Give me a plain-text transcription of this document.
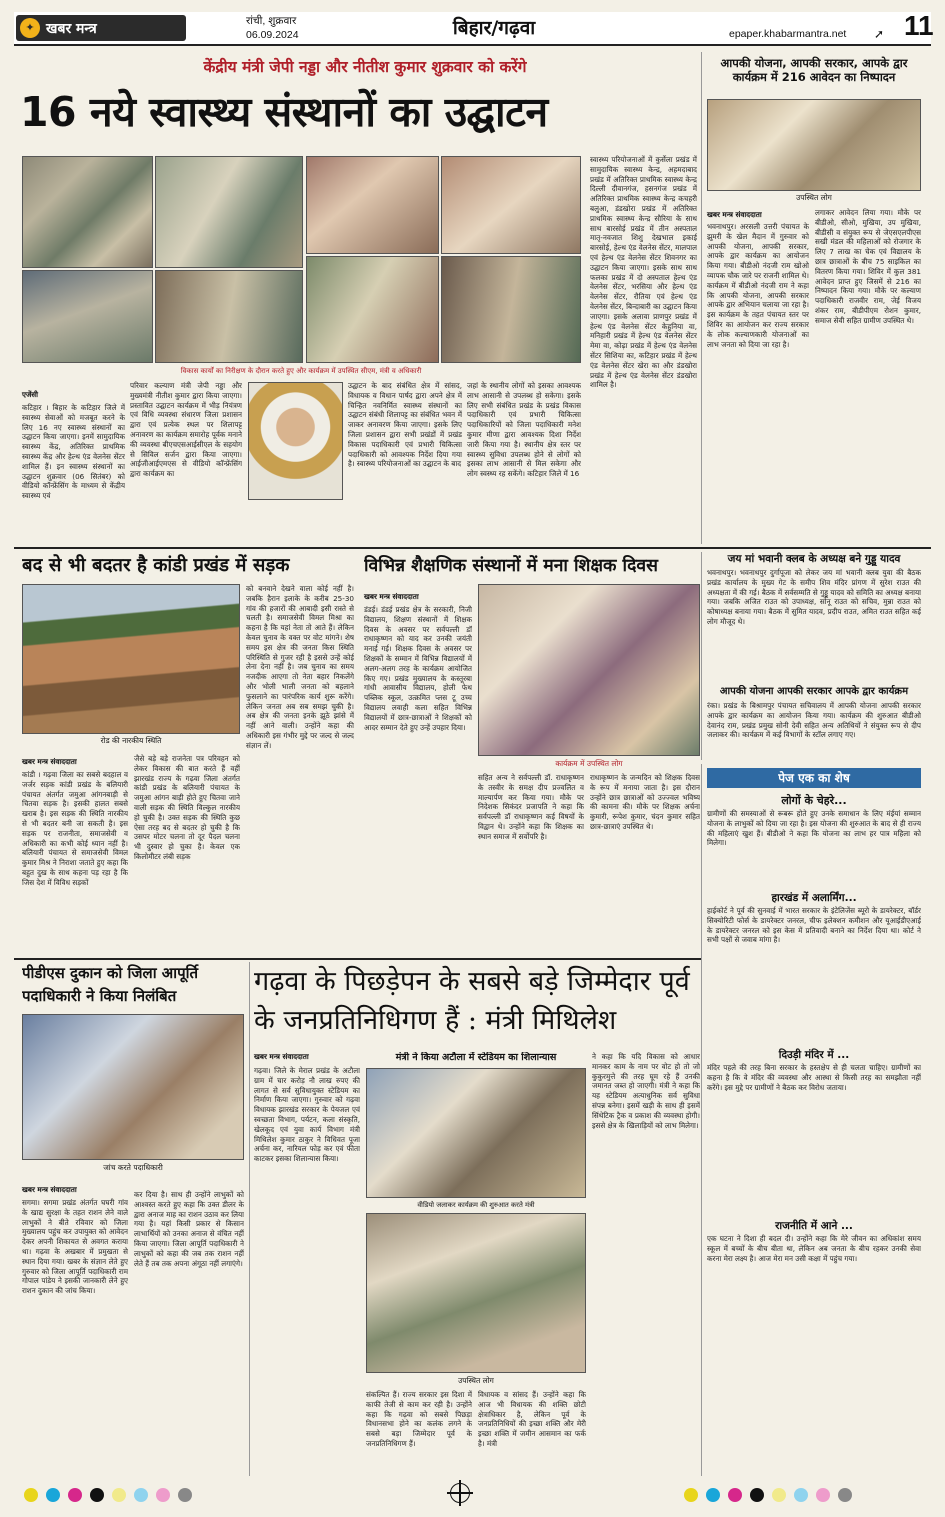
✦ खबर मन्त्र	रांची, शुक्रवार
06.09.2024	बिहार/गढ़वा	epaper.khabarmantra.net ➚ 11
केंद्रीय मंत्री जेपी नड्डा और नीतीश कुमार शुक्रवार को करेंगे
16 नये स्वास्थ्य संस्थानों का उद्घाटन
विकास कार्यों का निरीक्षण के दौरान करते हुए और कार्यक्रम में उपस्थित सीएम, मंत्री व अधिकारी
एजेंसी
कटिहार । बिहार के कटिहार जिले में स्वास्थ्य सेवाओं को मजबूत करने के लिए 16 नए स्वास्थ्य संस्थानों का उद्घाटन किया जाएगा। इनमें सामुदायिक स्वास्थ्य केंद्र, अतिरिक्त प्राथमिक स्वास्थ्य केंद्र और हेल्थ एंड वेलनेस सेंटर शामिल हैं। इन स्वास्थ्य संस्थानों का उद्घाटन शुक्रवार (06 सितंबर) को वीडियो कॉन्फ्रेंसिंग के माध्यम से केंद्रीय स्वास्थ्य एवं
परिवार कल्याण मंत्री जेपी नड्डा और मुख्यमंत्री नीतीश कुमार द्वारा किया जाएगा। प्रस्तावित उद्घाटन कार्यक्रम में भीड़ नियंत्रण एवं विधि व्यवस्था संधारण जिला प्रशासन द्वारा एवं प्रत्येक स्थल पर शिलापट्ट अनावरण का कार्यक्रम समारोह पूर्वक मनाने की व्यवस्था बीएचएसआईसीएल के सहयोग से सिविल सर्जन द्वारा किया जाएगा। आईजीआईएमएस से वीडियो कॉन्फ्रेंसिंग द्वारा कार्यक्रम का
उद्घाटन के बाद संबंधित क्षेत्र में सांसद, विधायक व विधान पार्षद द्वारा अपने क्षेत्र में चिन्हित नवनिर्मित स्वास्थ्य संस्थानों का उद्घाटन संबंधी शिलापट्ट का संबंधित भवन में जाकर अनावरण किया जाएगा। इसके लिए जिला प्रशासन द्वारा सभी प्रखंडों में प्रखंड विकास पदाधिकारी एवं प्रभारी चिकित्सा पदाधिकारी को आवश्यक निर्देश दिया गया है। स्वास्थ्य परियोजनाओं का उद्घाटन के बाद
जहां के स्थानीय लोगों को इसका आवश्यक लाभ आसानी से उपलब्ध हो सकेगा। इसके लिए सभी संबंधित प्रखंड के प्रखंड विकास पदाधिकारी एवं प्रभारी चिकित्सा पदाधिकारियों को जिला पदाधिकारी मनेश कुमार मीणा द्वारा आवश्यक दिशा निर्देश जारी किया गया है। स्थानीय क्षेत्र स्तर पर स्वास्थ्य सुविधा उपलब्ध होने से लोगों को इसका लाभ आसानी से मिल सकेगा और लोग स्वस्थ्य रह सकेंगे। कटिहार जिले में 16
स्वास्थ्य परियोजनाओं में कुर्सेला प्रखंड में सामुदायिक स्वास्थ्य केन्द्र, अहमदाबाद प्रखंड में अतिरिक्त प्राथमिक स्वास्थ्य केन्द्र दिल्ली दीवानगंज, हसनगंज प्रखंड में अतिरिक्त प्राथमिक स्वास्थ्य केन्द्र कचहरी बलुआ, डंडखोरा प्रखंड में अतिरिक्त प्राथमिक स्वास्थ्य केन्द्र सौरिया के साथ साथ बारसोई प्रखंड में तीन अस्पताल मातृ-नवजात शिशु देखभाल इकाई बारसोई, हेल्थ एंड वेलनेस सेंटर, मालपाल एवं हेल्थ एंड वेलनेस सेंटर शिवनगर का उद्घाटन किया जाएगा। इसके साथ साथ फलका प्रखंड में दो अस्पताल हेल्थ एंड वेलनेस सेंटर, भरसिया और हेल्थ एंड वेलनेस सेंटर, रौतिया एवं हेल्थ एंड वेलनेस सेंटर, बिन्दाबारी का उद्घाटन किया जाएगा। इसके अलावा प्राणपुर प्रखंड में हेल्थ एंड वेलनेस सेंटर केहुनिया वा, मनिहारी प्रखंड में हेल्थ एंड वेलनेस सेंटर मेमा वा, कोढ़ा प्रखंड में हेल्थ एंड वेलनेस सेंटर सिशिया का, कटिहार प्रखंड में हेल्थ एंड वेलनेस सेंटर खेरा का और डंडखोरा प्रखंड में हेल्थ एंड वेलनेस सेंटर डंडखोरा शामिल है।
आपकी योजना, आपकी सरकार, आपके द्वार कार्यक्रम में 216 आवेदन का निष्पादन
उपस्थित लोग
खबर मन्त्र संवाददाता
भवनाथपुर। अरसली उत्तरी पंचायत के झुमरी के खेल मैदान में गुरुवार को आपकी योजना, आपकी सरकार, आपके द्वार कार्यक्रम का आयोजन किया गया। बीडीओ नंदजी राम खोओ व्यापक चौक जारे पर राजनी शामिल थे। कार्यक्रम में बीडीओ नंदजी राम ने कहा कि आपकी योजना, आपकी सरकार आपके द्वार अभियान चलाया जा रहा है। इस कार्यक्रम के तहत पंचायत स्तर पर शिविर का आयोजन कर राज्य सरकार के लोक कल्याणकारी योजनाओं का लाभ जनता को दिया जा रहा है।
लगाकर आवेदन लिया गया। मौके पर बीडीओ, सीओ, मुखिया, उप मुखिया, बीडीसी व संयुक्त रूप से जेएसएलपीएस सखी मंडल की महिलाओं को रोजगार के लिए 7 लाख का चेक एवं विद्यालय के छात्र छात्राओं के बीच 75 साइकिल का वितरण किया गया। शिविर में कुल 381 आवेदन प्राप्त हुए जिसमें से 216 का निष्पादन किया गया। मौके पर कल्याण पदाधिकारी राजवीर राम, जेई विजय शंकर राम, बीडीपीएम रोशन कुमार, समाज सेवी सहित ग्रामीण उपस्थित थे।
बद से भी बदतर है कांडी प्रखंड में सड़क
रोड की नारकीय स्थिति
खबर मन्त्र संवाददाता
कांडी । गढ़वा जिला का सबसे बदहाल व जर्जर सड़क कांडी प्रखंड के बलियारी पंचायत अंतर्गत जमुआ आंगनबाड़ी से चितवा सड़क है। इसकी हालत सबसे खराब है। इस सड़क की स्थिति नारकीय से भी बदतर बनी जा सकती है। इस सड़क पर राजनीता, समाजसेवी व अधिकारी का कभी कोई ध्यान नहीं है। बलियारी पंचायत से समाजसेवी विमल कुमार मिश्र ने निराशा जताते हुए कहा कि बहुत दुख के साथ कहना पड़ रहा है कि जिस देश में विविध सड़कों
जैसे बड़े बड़े राजनेता पत्र परिवहन को लेकर विकास की बात करते हैं वहीं झारखंड राज्य के गढ़वा जिला अंतर्गत कांडी प्रखंड के बलियारी पंचायत के जमुआ आंगन बाड़ी होते हुए चितवा जाने वाली सड़क की स्थिति विल्कुल नारकीय हो चुकी है। उक्त सड़क की स्थिति कुछ ऐसा तरह बद से बदतर हो चुकी है कि उसपर मोटर चलना तो दूर पैदल चलना भी दुस्वार हो चुका है। केवल एक किलोमीटर लंबी सड़क
को बनवाने देखने वाला कोई नहीं है। जबकि हैरान इलाके के करीब 25-30 गांव की हजारों की आबादी इसी रास्ते से चलती है। समाजसेवी विमल मिश्रा का कहना है कि यहां नेता तो आते हैं। लेकिन केवल चुनाव के वक्त पर वोट मांगने। शेष समय इस क्षेत्र की जनता किस स्थिति परिस्थिति से गुजर रही है इससे उन्हें कोई लेना देना नहीं है। जब चुनाव का समय नजदीक आएगा तो नेता बहार निकलेंगे और भोली भाली जनता को बहलाने फुसलाने का पारंपरिक कार्य शुरू करेंगे। लेकिन जनता अब सब समझ चुकी है। अब क्षेत्र की जनता इनके झूठे झांसे में नहीं आने वाली। उन्होंने कहा की अधिकारी इस गंभीर मुद्दे पर जल्द से जल्द संज्ञान लें।
विभिन्न शैक्षणिक संस्थानों में मना शिक्षक दिवस
खबर मन्त्र संवाददाता
डंडई। डंडई प्रखंड क्षेत्र के सरकारी, निजी विद्यालय, शिक्षण संस्थानों में शिक्षक दिवस के अवसर पर सर्वपल्ली डॉ राधाकृष्णन को याद कर उनकी जयंती मनाई गई। शिक्षक दिवस के अवसर पर शिक्षकों के सम्मान में विभिन्न विद्यालयों में अलग-अलग तरह के कार्यक्रम आयोजित किए गए। प्रखंड मुख्यालय के कस्तूरबा गांधी आवासीय विद्यालय, होली फेथ पब्लिक स्कूल, उत्क्रमित प्लस टू उच्च विद्यालय लवाही कला सहित विभिन्न विद्यालयों में छात्र-छात्राओं ने शिक्षकों को आदर सम्मान देते हुए उन्हें उपहार दिया।
कार्यक्रम में उपस्थित लोग
सहित अन्य ने सर्वपल्ली डॉ. राधाकृष्णन के तस्वीर के समक्ष दीप प्रज्वलित व माल्यार्पण कर किया गया। मौके पर निदेशक सिकंदर प्रजापति ने कहा कि सर्वपल्ली डॉ राधाकृष्णन कई विषयों के विद्वान थे। उन्होंने कहा कि शिक्षक का स्थान समाज में सर्वोपरि है।
राधाकृष्णन के जन्मदिन को शिक्षक दिवस के रूप में मनाया जाता है। इस दौरान उन्होंने छात्र छात्राओं को उज्ज्वल भविष्य की कामना की। मौके पर शिक्षक अर्चना कुमारी, रूपेश कुमार, चंदन कुमार सहित छात्र-छात्राएं उपस्थित थे।
जय मां भवानी क्लब के अध्यक्ष बने गुड्डू यादव
भवनाथपुर। भवनाथपुर दुर्गापूजा को लेकर जय मां भवानी क्लब युवा की बैठक प्रखंड कार्यालय के मुख्य गेट के समीप शिव मंदिर प्रांगण में सुरेश राउत की अध्यक्षता में की गई। बैठक में सर्वसम्मति से गुड्डू यादव को समिति का अध्यक्ष बनाया गया। जबकि अजित राउत को उपाध्यक्ष, सोनू राउत को सचिव, मुन्ना राउत को कोषाध्यक्ष बनाया गया। बैठक में सुमित यादव, प्रदीप राउत, अमित राउत सहित कई लोग मौजूद थे।
आपकी योजना आपकी सरकार आपके द्वार कार्यक्रम
रंका। प्रखंड के बिश्रामपुर पंचायत सचिवालय में आपकी योजना आपकी सरकार आपके द्वार कार्यक्रम का आयोजन किया गया। कार्यक्रम की शुरुआत बीडीओ देवानंद राम, प्रखंड प्रमुख सोनी देवी सहित अन्य अतिथियों ने संयुक्त रूप से दीप जलाकर की। कार्यक्रम में कई विभागों के स्टॉल लगाए गए।
पेज एक का शेष
लोगों के चेहरे...
ग्रामीणों की समस्याओं से रूबरू होते हुए उनके समाधान के लिए मंईयां सम्मान योजना के लाभुकों को दिया जा रहा है। इस योजना की शुरुआत के बाद से ही राज्य की महिलाएं खुश हैं। बीडीओ ने कहा कि योजना का लाभ हर पात्र महिला को मिलेगा।
हारखंड में अलार्मिंग...
हाईकोर्ट ने पूर्व की सुनवाई में भारत सरकार के इंटेलिजेंस ब्यूरो के डायरेक्टर, बॉर्डर सिक्योरिटी फोर्स के डायरेक्टर जनरल, चीफ इलेक्शन कमीशन और यूआईडीएआई के डायरेक्टर जनरल को इस केस में प्रतिवादी बनाने का निर्देश दिया था। कोर्ट ने सभी पक्षों से जवाब मांगा है।
दिउड़ी मंदिर में ...
मंदिर पहले की तरह बिना सरकार के हस्तक्षेप से ही चलता चाहिए। ग्रामीणों का कहना है कि वे मंदिर की व्यवस्था और आस्था से किसी तरह का समझौता नहीं करेंगे। इस मुद्दे पर ग्रामीणों ने बैठक कर विरोध जताया।
राजनीति में आने ...
एक घटना ने दिशा ही बदल दी। उन्होंने कहा कि मेरे जीवन का अधिकांश समय स्कूल में बच्चों के बीच बीता था, लेकिन अब जनता के बीच रहकर उनकी सेवा करना मेरा लक्ष्य है। आज मेरा मन उसी कक्षा में पहुंच गया।
पीडीएस दुकान को जिला आपूर्ति पदाधिकारी ने किया निलंबित
जांच करते पदाधिकारी
खबर मन्त्र संवाददाता
सगमा। सगमा प्रखंड अंतर्गत घघरी गांव के खाद्य सुरक्षा के तहत राशन लेने वाले लाभुकों ने बीते रविवार को जिला मुख्यालय पहुंच कर उपायुक्त को आवेदन देकर अपनी शिकायत से अवगत कराया था। गढ़वा के अखबार में प्रमुखता से स्थान दिया गया। खबर के संज्ञान लेते हुए गुरुवार को जिला आपूर्ति पदाधिकारी राम गोपाल पांडेय ने इसकी जानकारी लेने हुए राशन दुकान की जांच किया।
कर दिया है। साथ ही उन्होंने लाभुकों को आश्वस्त करते हुए कहा कि उक्त डीलर के द्वारा अनाज माह का राशन उठाव कर लिया गया है। यहां किसी प्रकार से किसान लाभार्थियों को उनका अनाज से वंचित नहीं किया जाएगा। जिला आपूर्ति पदाधिकारी ने लाभुकों को कहा की जब तक राशन नहीं लेते हैं तब तक अपना अंगूठा नहीं लगाएंगे।
गढ़वा के पिछड़ेपन के सबसे बड़े जिम्मेदार पूर्व के जनप्रतिनिधिगण हैं : मंत्री मिथिलेश
खबर मन्त्र संवाददाता
गढ़वा। जिले के मेराल प्रखंड के अटौला ग्राम में चार करोड़ नौ लाख रुपए की लागत से सर्व सुविधायुक्त स्टेडियम का निर्माण किया जाएगा। गुरुवार को गढ़वा विधायक झारखंड सरकार के पेयजल एवं स्वच्छता विभाग, पर्यटन, कला संस्कृति, खेलकूद एवं युवा कार्य विभाग मंत्री मिथिलेश कुमार ठाकुर ने विधिवत पूजा अर्चना कर, नारियल फोड़ कर एवं फीता काटकर इसका शिलान्यास किया।
मंत्री ने किया अटौला में स्टेडियम का शिलान्यास
वीडियो जलाकर कार्यक्रम की शुरुआत करते मंत्री
उपस्थित लोग
संकल्पित हैं। राज्य सरकार इस दिशा में काफी तेजी से काम कर रही है। उन्होंने कहा कि गढ़वा को सबसे पिछड़ा विधानसभा होने का कलंक लगने के सबसे बड़ा जिम्मेदार पूर्व के जनप्रतिनिधिगण हैं।
विधायक व सांसद हैं। उन्होंने कहा कि आज भी विधायक की शक्ति छोटी क्षेत्राधिकार है, लेकिन पूर्व के जनप्रतिनिधियों की इच्छा शक्ति और मेरी इच्छा शक्ति में जमीन आसमान का फर्क है। मंत्री
ने कहा कि यदि विकास को आधार मानकर काम के नाम पर वोट हो तो जो कुकुरमुत्ते की तरह घूम रहे हैं उनकी जमानत जब्त हो जाएगी। मंत्री ने कहा कि यह स्टेडियम अत्याधुनिक सर्व सुविधा संपन्न बनेगा। इसमें खड़ी के साथ ही इसमें सिंथेटिक ट्रैक व प्रकाश की व्यवस्था होगी। इससे क्षेत्र के खिलाड़ियों को लाभ मिलेगा।
